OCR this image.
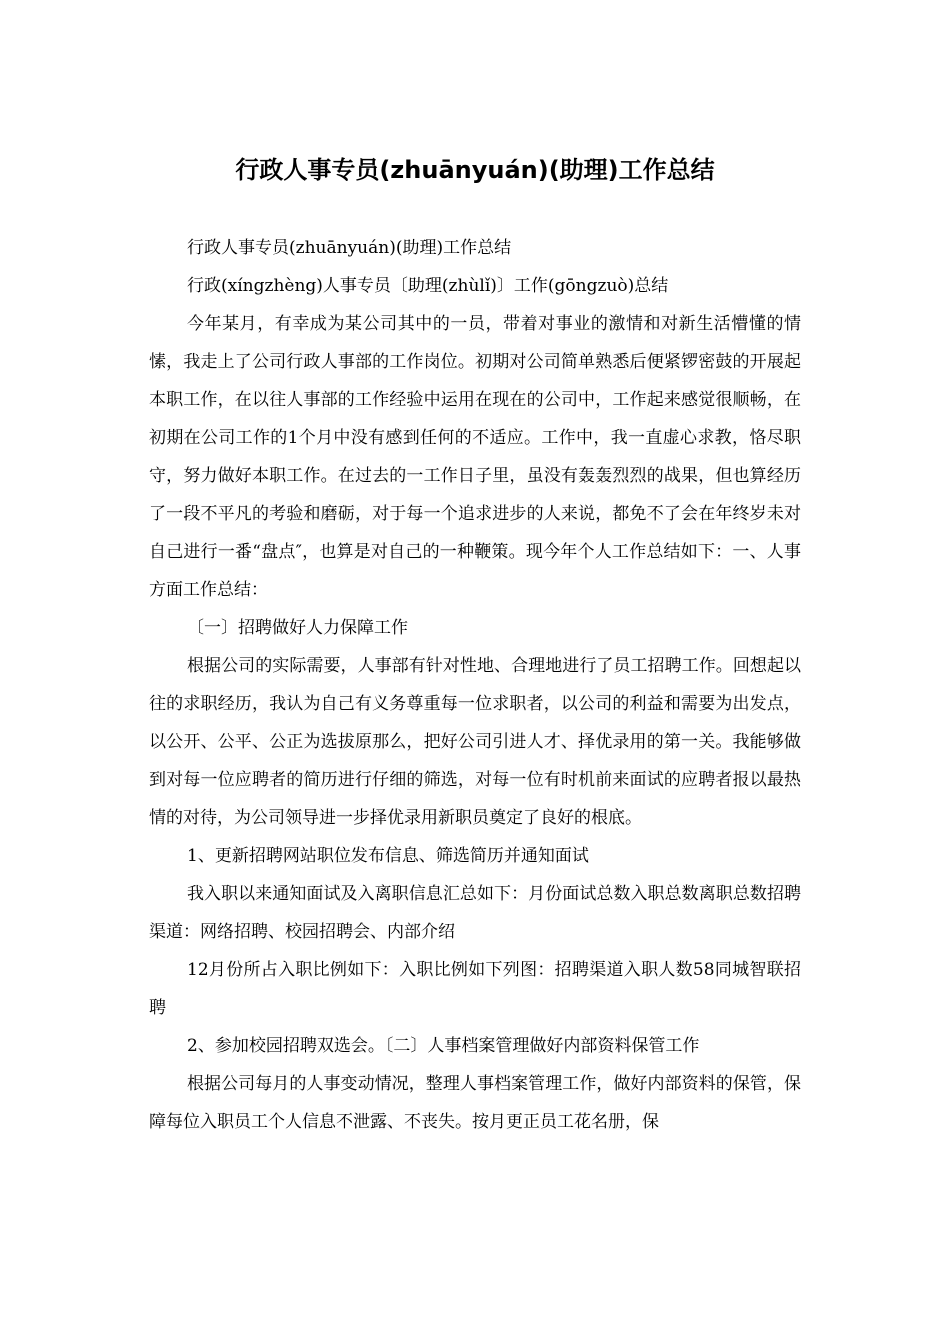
行政人事专员(zhuānyuán)(助理)工作总结

行政人事专员(zhuānyuán)(助理)工作总结

行政(xíngzhèng)人事专员〔助理(zhùlǐ)〕工作(gōngzuò)总结

今年某月，有幸成为某公司其中的一员，带着对事业的激情和对新生活懵懂的情愫，我走上了公司行政人事部的工作岗位。初期对公司简单熟悉后便紧锣密鼓的开展起本职工作，在以往人事部的工作经验中运用在现在的公司中，工作起来感觉很顺畅，在初期在公司工作的1个月中没有感到任何的不适应。工作中，我一直虚心求教，恪尽职守，努力做好本职工作。在过去的一工作日子里，虽没有轰轰烈烈的战果，但也算经历了一段不平凡的考验和磨砺，对于每一个追求进步的人来说，都免不了会在年终岁未对自己进行一番“盘点″，也算是对自己的一种鞭策。现今年个人工作总结如下：一、人事方面工作总结：

〔一〕招聘做好人力保障工作

根据公司的实际需要，人事部有针对性地、合理地进行了员工招聘工作。回想起以往的求职经历，我认为自己有义务尊重每一位求职者，以公司的利益和需要为出发点，以公开、公平、公正为选拔原那么，把好公司引进人才、择优录用的第一关。我能够做到对每一位应聘者的简历进行仔细的筛选，对每一位有时机前来面试的应聘者报以最热情的对待，为公司领导进一步择优录用新职员奠定了良好的根底。

1、更新招聘网站职位发布信息、筛选简历并通知面试

我入职以来通知面试及入离职信息汇总如下：月份面试总数入职总数离职总数招聘渠道：网络招聘、校园招聘会、内部介绍

12月份所占入职比例如下：入职比例如下列图：招聘渠道入职人数58同城智联招聘

2、参加校园招聘双选会。〔二〕人事档案管理做好内部资料保管工作

根据公司每月的人事变动情况，整理人事档案管理工作，做好内部资料的保管，保障每位入职员工个人信息不泄露、不丧失。按月更正员工花名册，保
